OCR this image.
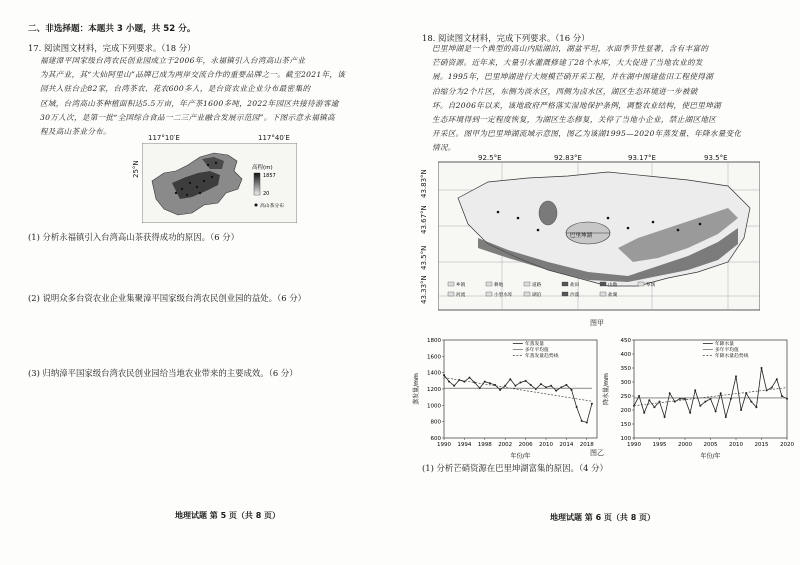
二、非选择题：本题共 3 小题，共 52 分。
17. 阅读图文材料，完成下列要求。（18 分）
福建漳平国家级台湾农民创业园成立于2006年，永福镇引入台湾高山茶产业
为其产业，其“大仙阿里山”品牌已成为两岸交流合作的重要品牌之一。截至2021年，该
园共入驻台企82家，台湾茶农、花农600多人，是台资农业企业分布最密集的
区域，台湾高山茶种植面积达5.5万亩，年产茶1600多吨，2022年园区共接待游客逾
30万人次，是第一批“全国综合食品一二三产业融合发展示范园”。下图示意永福镇高
程及高山茶业分布。
高程(m)
1857
20
高山茶分布
117°10′E	117°40′E
25°N
(1) 分析永福镇引入台湾高山茶获得成功的原因。（6 分）
(2) 说明众多台资农业企业集聚漳平国家级台湾农民创业园的益处。（6 分）
(3) 归纳漳平国家级台湾农民创业园给当地农业带来的主要成效。（6 分）
地理试题 第 5 页（共 8 页）
18. 阅读图文材料，完成下列要求。（16 分）
巴里坤湖是一个典型的高山内陆湖泊，湖盆平坦，水面季节性显著，含有丰富的
芒硝资源。近年来，大量引水灌溉修建了28个水库，大大促进了当地农业的发
展。1995年，巴里坤湖进行大规模芒硝开采工程，并在湖中围建盐田工程使得湖
泊缩分为2个片区，东侧为淡水区，西侧为卤水区，湖区生态环境进一步被破
坏。自2006年以来，该地政府严格落实湿地保护条例，调整农业结构，使巴里坤湖
生态环境得到一定程度恢复，为湖区生态修复，关停了当地小企业，禁止湖区地区
开采区。图甲为巴里坤湖流域示意图，图乙为该湖1995—2020年蒸发量、年降水量变化
情况。
巴里坤湖
乡镇
河流
耕地
小型水库
道路
湖泊
盐田
沙漠
山地
盐湖
草场
92.5°E	92.83°E	93.17°E	93.5°E
43.83°N
43.67°N
43.5°N
43.33°N
图甲
600
800
1000
1200
1400
1600
1800
1990 1994 1998 2002 2006 2010 2014 2018
年份/年
蒸发量/mm
年蒸发量
多年平均值
年蒸发量趋势线
100
150
200
250
300
350
400
450
1990 1995 2000 2005 2010 2015 2020
年份/年
降水量/mm
年降水量
多年平均值
年降水量趋势线
图乙
(1) 分析芒硝资源在巴里坤湖富集的原因。（4 分）
地理试题 第 6 页（共 8 页）
